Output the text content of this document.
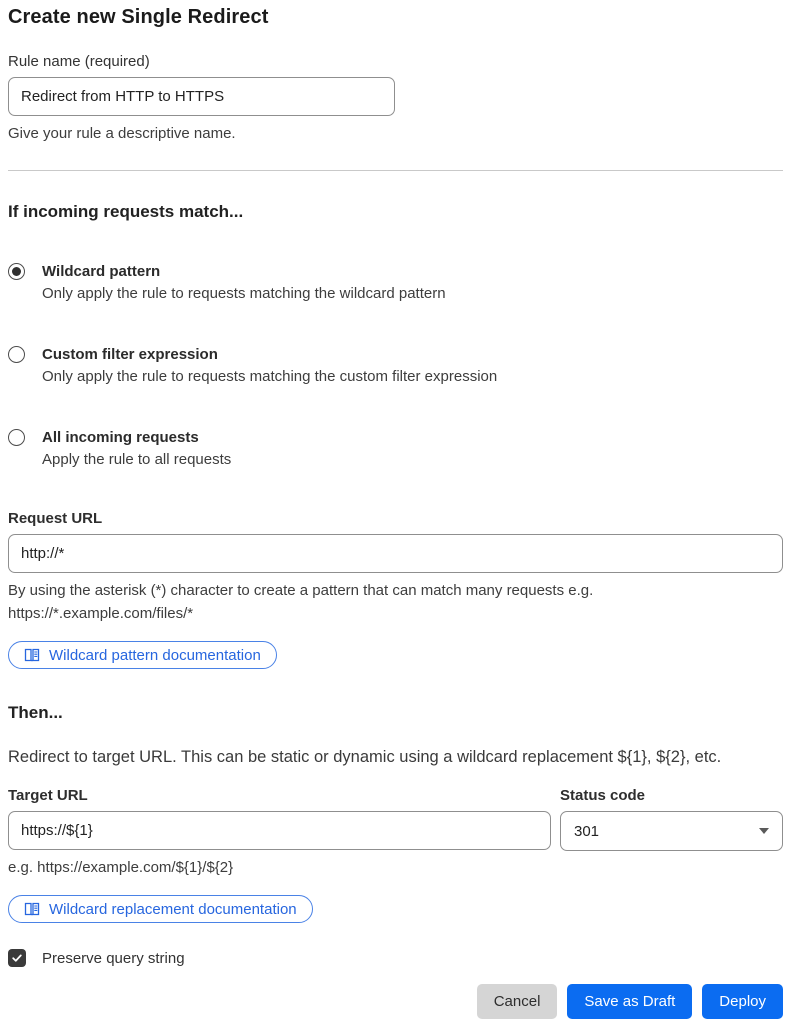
Create new Single Redirect
Rule name (required)
Redirect from HTTP to HTTPS
Give your rule a descriptive name.
If incoming requests match...
Wildcard pattern
Only apply the rule to requests matching the wildcard pattern
Custom filter expression
Only apply the rule to requests matching the custom filter expression
All incoming requests
Apply the rule to all requests
Request URL
http://*
By using the asterisk (*) character to create a pattern that can match many requests e.g. https://*.example.com/files/*
Wildcard pattern documentation
Then...

Redirect to target URL. This can be static or dynamic using a wildcard replacement ${1}, ${2}, etc.

Target URL
https://${1}
e.g. https://example.com/${1}/${2}
Status code
301
Wildcard replacement documentation
Preserve query string
Cancel	Save as Draft	Deploy
